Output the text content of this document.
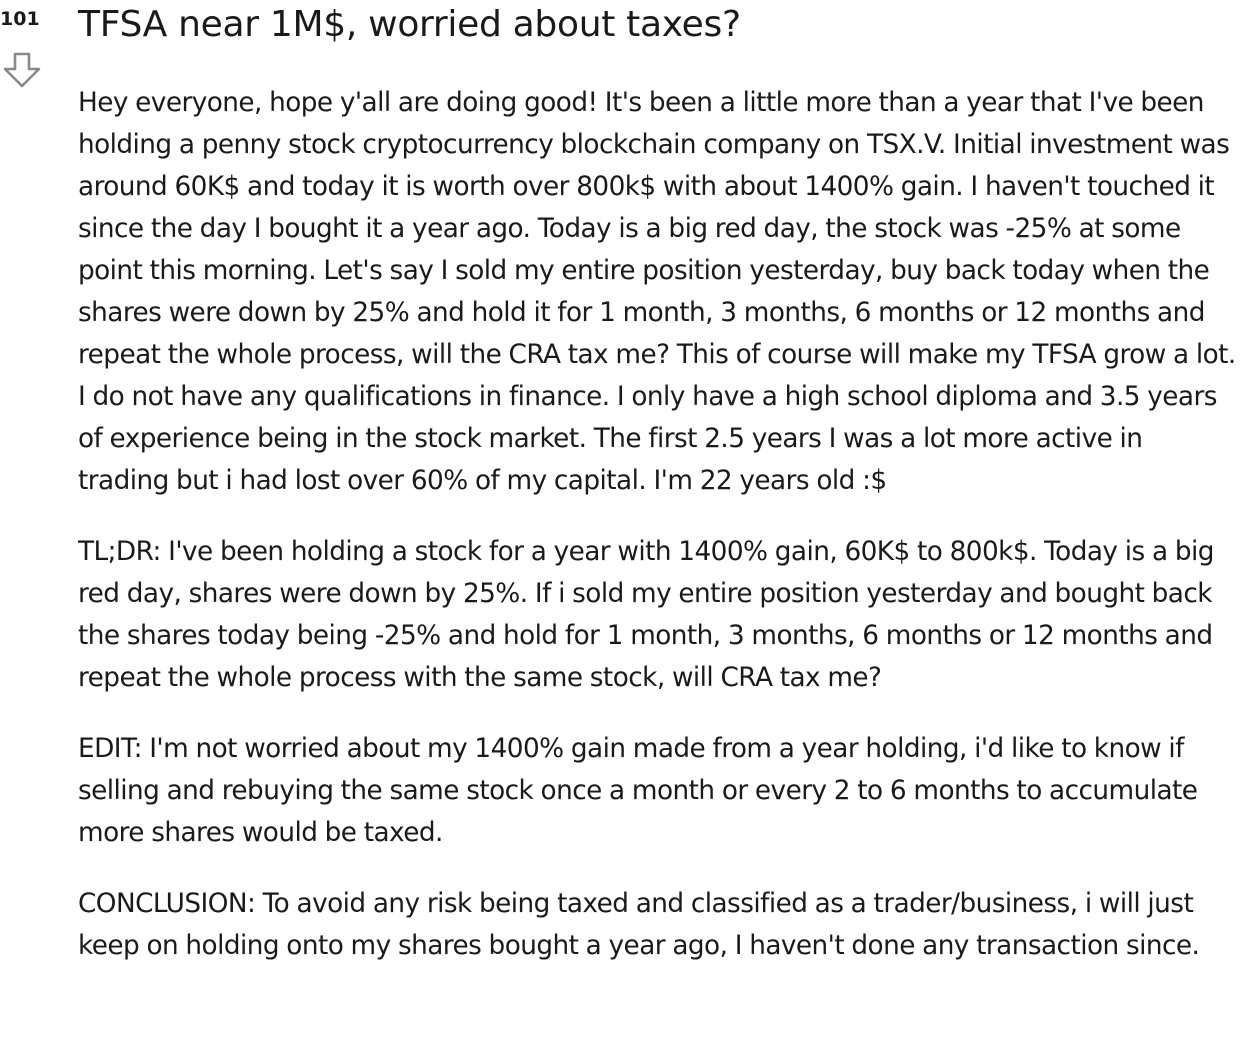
101 TFSA near 1M$, worried about taxes?

Hey everyone, hope y'all are doing good! It's been a little more than a year that I've been holding a penny stock cryptocurrency blockchain company on TSX.V. Initial investment was around 60K$ and today it is worth over 800k$ with about 1400% gain. I haven't touched it since the day I bought it a year ago. Today is a big red day, the stock was -25% at some point this morning. Let's say I sold my entire position yesterday, buy back today when the shares were down by 25% and hold it for 1 month, 3 months, 6 months or 12 months and repeat the whole process, will the CRA tax me? This of course will make my TFSA grow a lot. I do not have any qualifications in finance. I only have a high school diploma and 3.5 years of experience being in the stock market. The first 2.5 years I was a lot more active in trading but i had lost over 60% of my capital. I'm 22 years old :$

TL;DR: I've been holding a stock for a year with 1400% gain, 60K$ to 800k$. Today is a big red day, shares were down by 25%. If i sold my entire position yesterday and bought back the shares today being -25% and hold for 1 month, 3 months, 6 months or 12 months and repeat the whole process with the same stock, will CRA tax me?

EDIT: I'm not worried about my 1400% gain made from a year holding, i'd like to know if selling and rebuying the same stock once a month or every 2 to 6 months to accumulate more shares would be taxed.

CONCLUSION: To avoid any risk being taxed and classified as a trader/business, i will just keep on holding onto my shares bought a year ago, I haven't done any transaction since.
